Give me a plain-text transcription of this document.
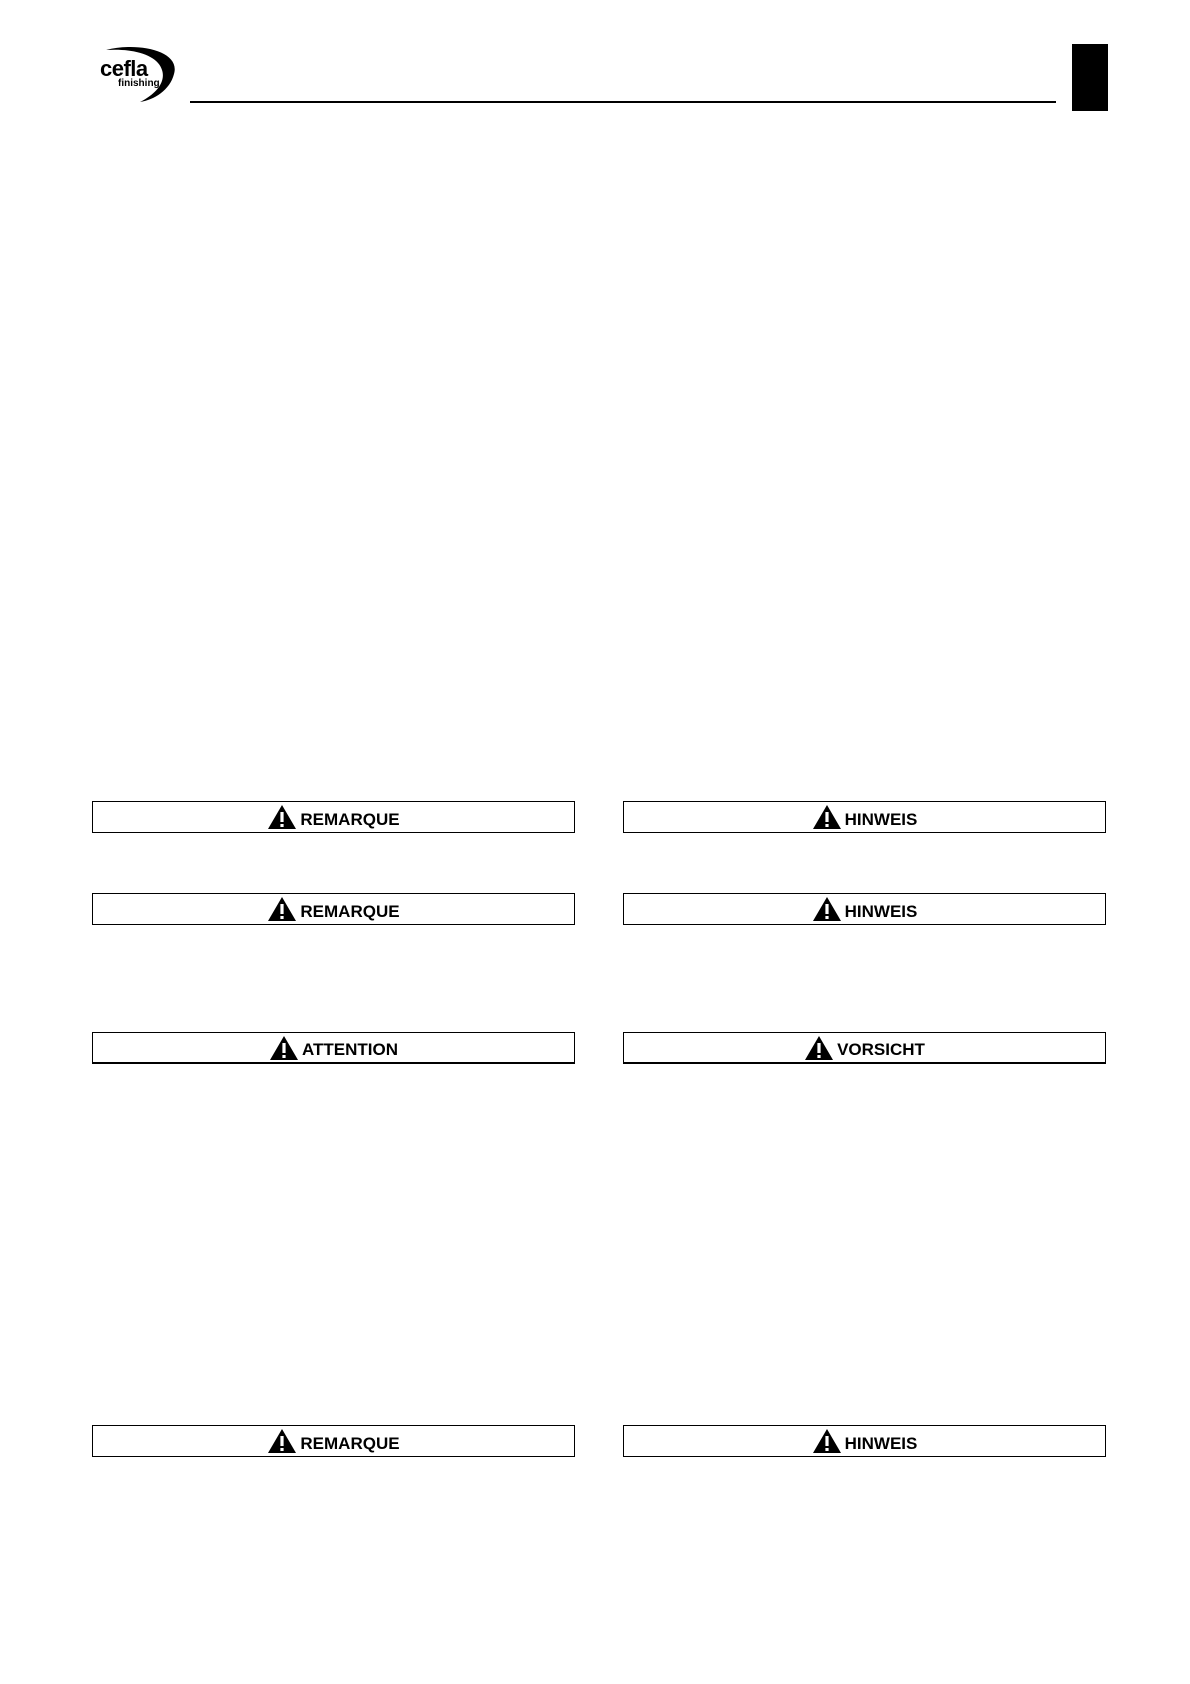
cefla
finishing
REMARQUE	HINWEIS
REMARQUE	HINWEIS
ATTENTION	VORSICHT
REMARQUE	HINWEIS
